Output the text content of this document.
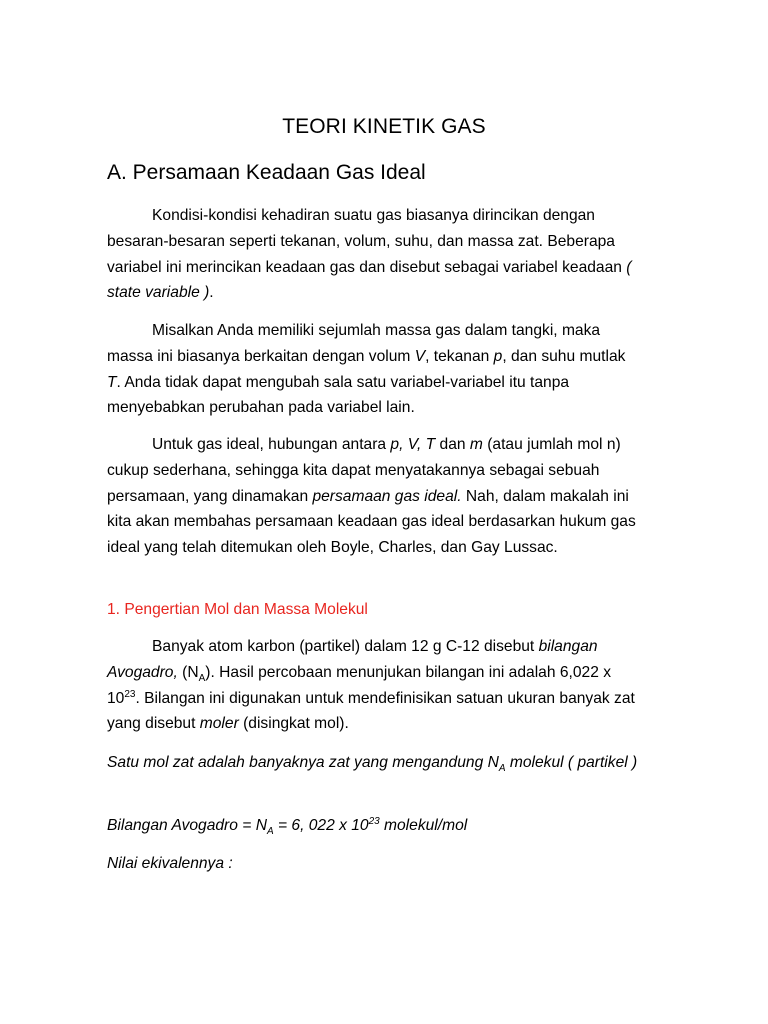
TEORI KINETIK GAS
A. Persamaan Keadaan Gas Ideal

Kondisi-kondisi kehadiran suatu gas biasanya dirincikan dengan besaran-besaran seperti tekanan, volum, suhu, dan massa zat. Beberapa variabel ini merincikan keadaan gas dan disebut sebagai variabel keadaan ( state variable ).

Misalkan Anda memiliki sejumlah massa gas dalam tangki, maka massa ini biasanya berkaitan dengan volum V, tekanan p, dan suhu mutlak T. Anda tidak dapat mengubah sala satu variabel-variabel itu tanpa menyebabkan perubahan pada variabel lain.

Untuk gas ideal, hubungan antara p, V, T dan m (atau jumlah mol n) cukup sederhana, sehingga kita dapat menyatakannya sebagai sebuah persamaan, yang dinamakan persamaan gas ideal. Nah, dalam makalah ini kita akan membahas persamaan keadaan gas ideal berdasarkan hukum gas ideal yang telah ditemukan oleh Boyle, Charles, dan Gay Lussac.

1. Pengertian Mol dan Massa Molekul

Banyak atom karbon (partikel) dalam 12 g C-12 disebut bilangan Avogadro, $(N_A)$. Hasil percobaan menunjukan bilangan ini adalah 6,022 x $10^{23}$. Bilangan ini digunakan untuk mendefinisikan satuan ukuran banyak zat yang disebut moler (disingkat mol).

Satu mol zat adalah banyaknya zat yang mengandung $N_A$ molekul ( partikel )
Bilangan Avogadro = $N_A = 6$, 022 x $10^{23}$ molekul/mol
Nilai ekivalennya :
